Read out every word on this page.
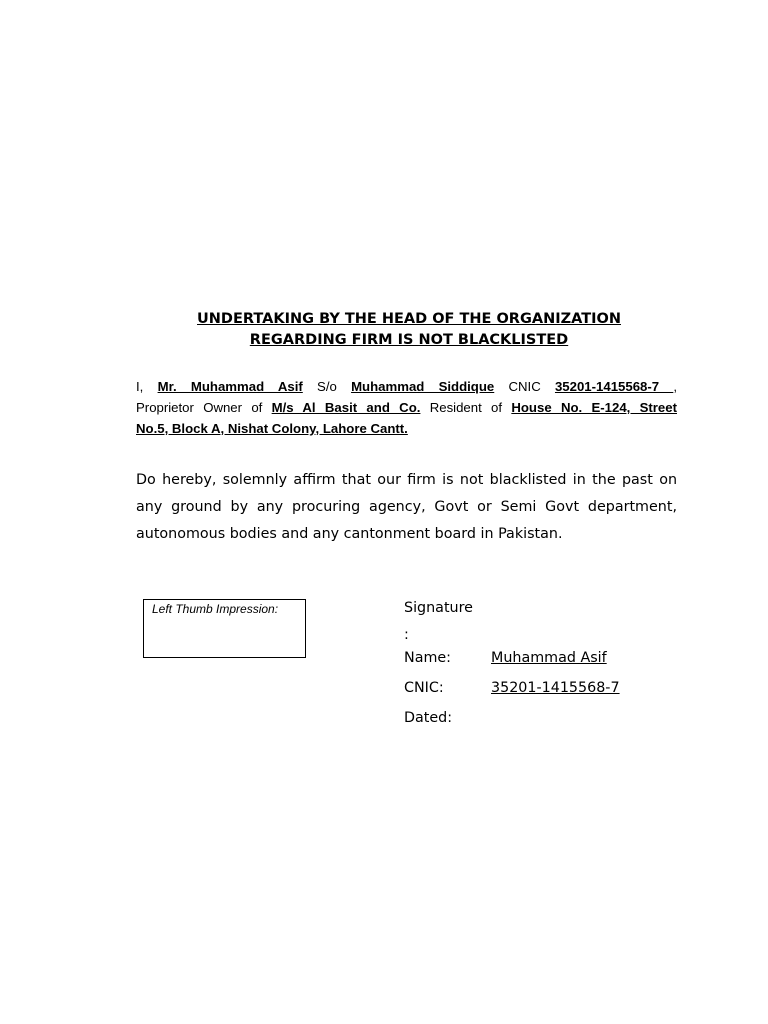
UNDERTAKING BY THE HEAD OF THE ORGANIZATION
REGARDING FIRM IS NOT BLACKLISTED
I, Mr. Muhammad Asif S/o Muhammad Siddique CNIC 35201-1415568-7 ,
Proprietor Owner of M/s Al Basit and Co. Resident of House No. E-124, Street
No.5, Block A, Nishat Colony, Lahore Cantt.
Do hereby, solemnly affirm that our firm is not blacklisted in the past on
any ground by any procuring agency, Govt or Semi Govt department,
autonomous bodies and any cantonment board in Pakistan.
Left Thumb Impression:	Signature
:
Name:	Muhammad Asif
CNIC:	35201-1415568-7
Dated:
